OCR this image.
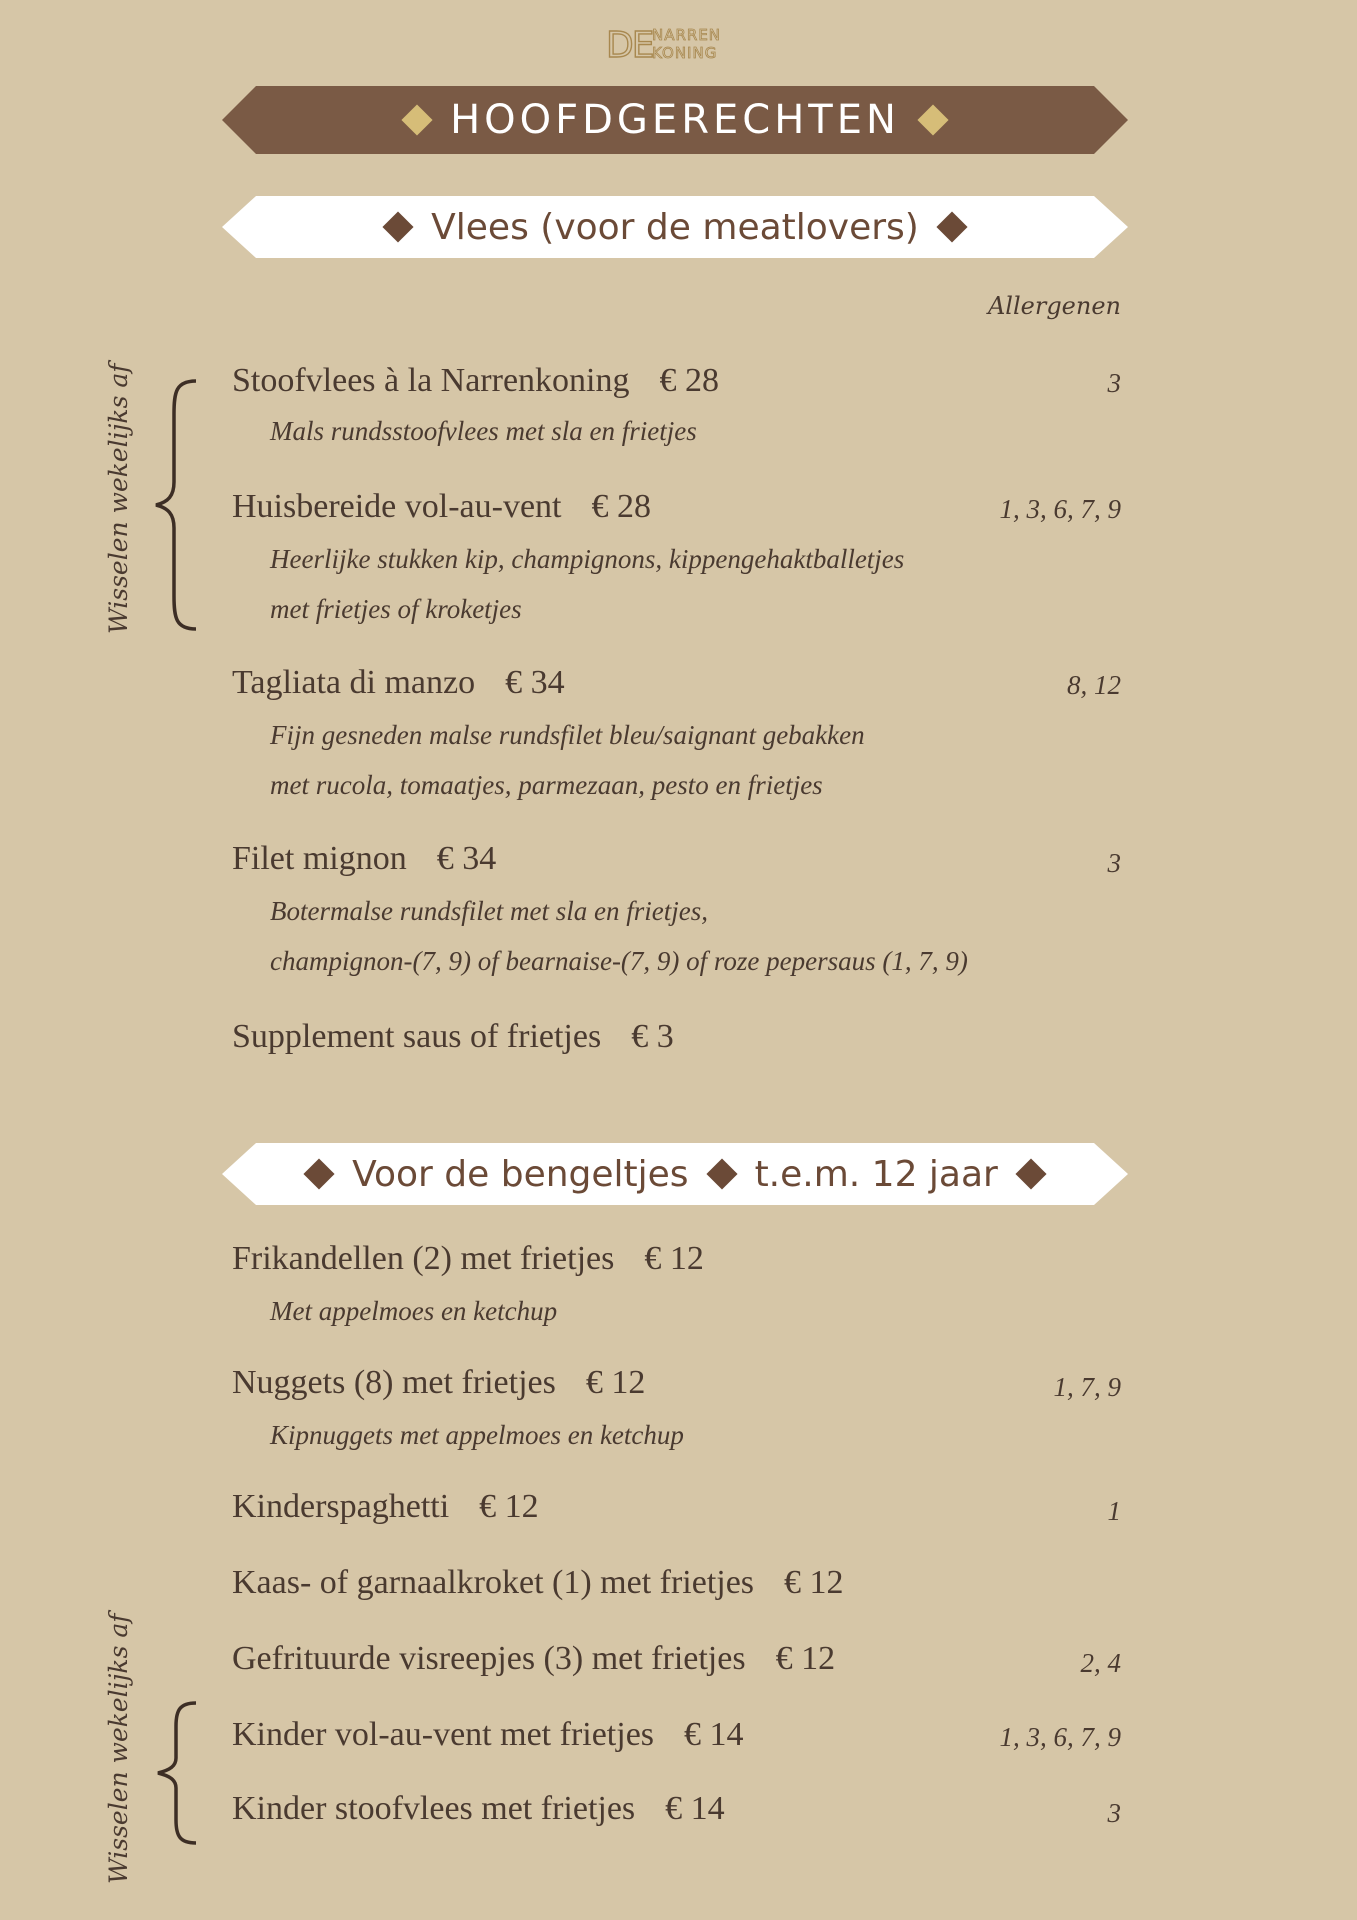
DE NARREN
KONING
HOOFDGERECHTEN
Vlees (voor de meatlovers)
Allergenen
Wisselen wekelijks af	Stoofvlees à la Narrenkoning € 28	3
Mals rundsstoofvlees met sla en frietjes
Huisbereide vol-au-vent € 28	1, 3, 6, 7, 9
Heerlijke stukken kip, champignons, kippengehaktballetjes
met frietjes of kroketjes
Tagliata di manzo € 34	8, 12
Fijn gesneden malse rundsfilet bleu/saignant gebakken
met rucola, tomaatjes, parmezaan, pesto en frietjes
Filet mignon € 34	3
Botermalse rundsfilet met sla en frietjes,
champignon-(7, 9) of bearnaise-(7, 9) of roze pepersaus (1, 7, 9)
Supplement saus of frietjes € 3
Voor de bengeltjes t.e.m. 12 jaar
Frikandellen (2) met frietjes € 12
Met appelmoes en ketchup
Nuggets (8) met frietjes € 12	1, 7, 9
Kipnuggets met appelmoes en ketchup
Kinderspaghetti € 12	1
Kaas- of garnaalkroket (1) met frietjes € 12
Gefrituurde visreepjes (3) met frietjes € 12	2, 4
Kinder vol-au-vent met frietjes € 14	1, 3, 6, 7, 9
Kinder stoofvlees met frietjes € 14	3
Wisselen wekelijks af
